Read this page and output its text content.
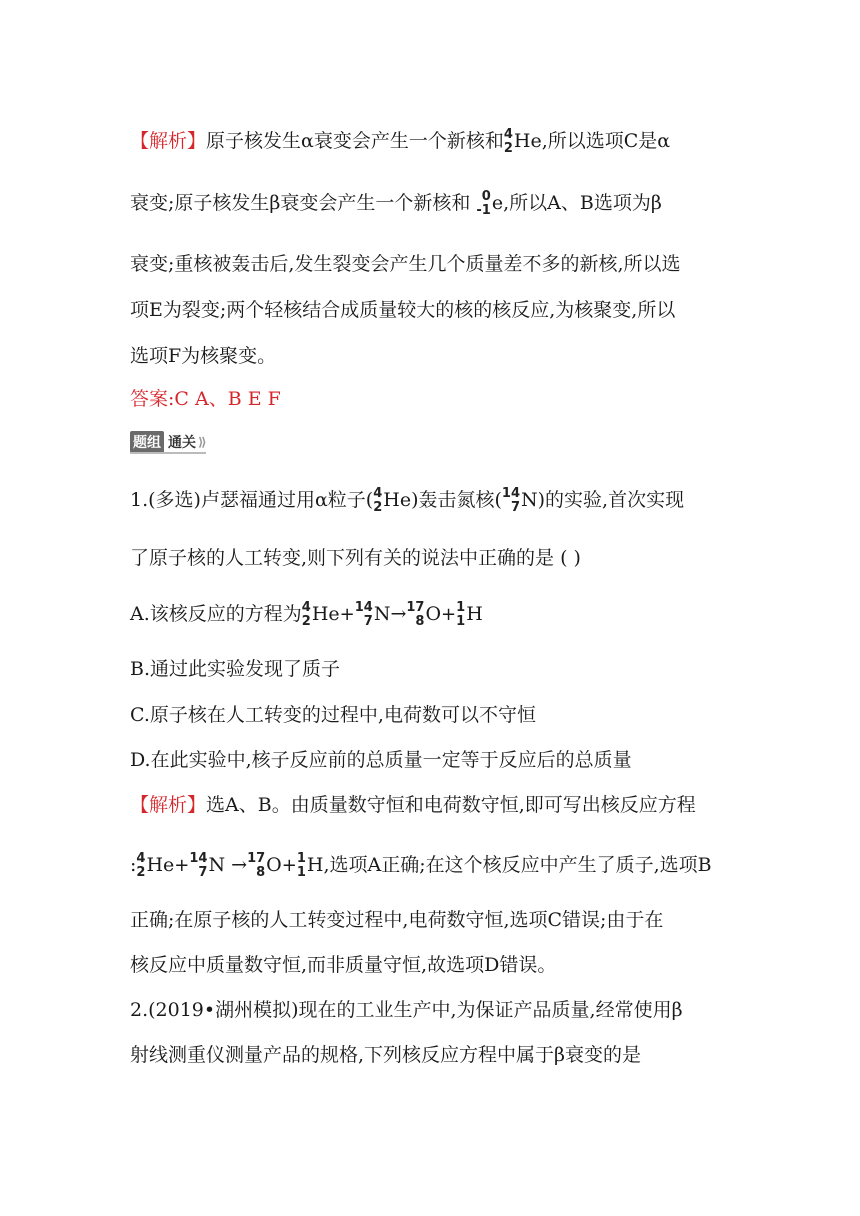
【解析】原子核发生α衰变会产生一个新核和 4
2 He,所以选项C是α
衰变;原子核发生β衰变会产生一个新核和 0
-1 e,所以A、B选项为β
衰变;重核被轰击后,发生裂变会产生几个质量差不多的新核,所以选
项E为裂变;两个轻核结合成质量较大的核的核反应,为核聚变,所以
选项F为核聚变。
答案:C A、B E F
题组 通关 ⟫
1.(多选)卢瑟福通过用α粒子( 4
2 He)轰击氮核( 14
7 N)的实验,首次实现
了原子核的人工转变,则下列有关的说法中正确的是 ( )
A.该核反应的方程为 4
2 He+ 14
7 N→ 17
8 O+ 1
1 H
B.通过此实验发现了质子
C.原子核在人工转变的过程中,电荷数可以不守恒
D.在此实验中,核子反应前的总质量一定等于反应后的总质量
【解析】选A、B。由质量数守恒和电荷数守恒,即可写出核反应方程
: 4
2 He+ 14
7 N → 17
8 O+ 1
1 H,选项A正确;在这个核反应中产生了质子,选项B
正确;在原子核的人工转变过程中,电荷数守恒,选项C错误;由于在
核反应中质量数守恒,而非质量守恒,故选项D错误。
2.(2019•湖州模拟)现在的工业生产中,为保证产品质量,经常使用β
射线测重仪测量产品的规格,下列核反应方程中属于β衰变的是
